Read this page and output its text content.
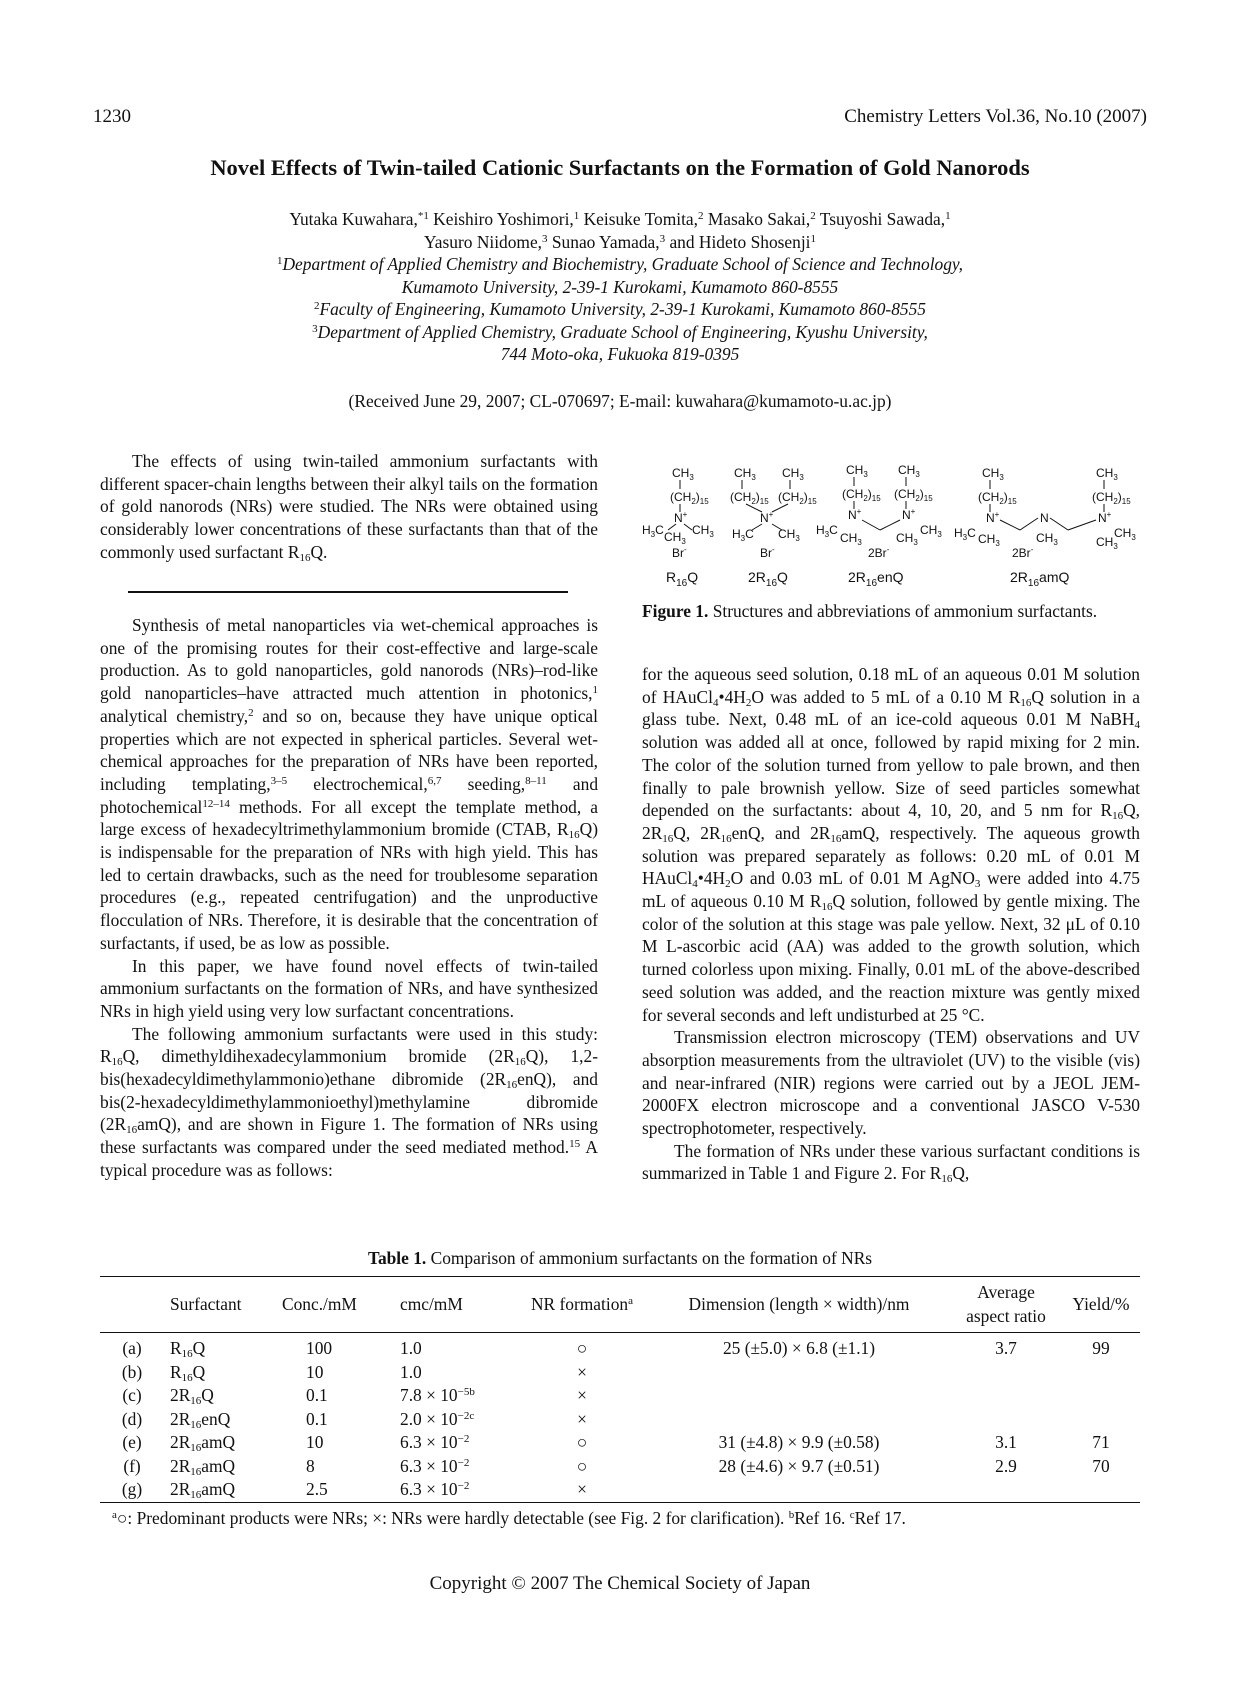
1230	Chemistry Letters Vol.36, No.10 (2007)
Novel Effects of Twin-tailed Cationic Surfactants on the Formation of Gold Nanorods
Yutaka Kuwahara,$^{*1}$ Keishiro Yoshimori,$^1$ Keisuke Tomita,$^2$ Masako Sakai,$^2$ Tsuyoshi Sawada,$^1$
Yasuro Niidome,$^3$ Sunao Yamada,$^3$ and Hideto Shosenji$^1$
$^1$Department of Applied Chemistry and Biochemistry, Graduate School of Science and Technology,
Kumamoto University, 2-39-1 Kurokami, Kumamoto 860-8555
$^2$Faculty of Engineering, Kumamoto University, 2-39-1 Kurokami, Kumamoto 860-8555
$^3$Department of Applied Chemistry, Graduate School of Engineering, Kyushu University,
744 Moto-oka, Fukuoka 819-0395
(Received June 29, 2007; CL-070697; E-mail: kuwahara@kumamoto-u.ac.jp)

The effects of using twin-tailed ammonium surfactants with different spacer-chain lengths between their alkyl tails on the formation of gold nanorods (NRs) were studied. The NRs were obtained using considerably lower concentrations of these surfactants than that of the commonly used surfactant $R_{16}Q$.

Synthesis of metal nanoparticles via wet-chemical approaches is one of the promising routes for their cost-effective and large-scale production. As to gold nanoparticles, gold nanorods (NRs)–rod-like gold nanoparticles–have attracted much attention in photonics,$^1$ analytical chemistry,$^2$ and so on, because they have unique optical properties which are not expected in spherical particles. Several wet-chemical approaches for the preparation of NRs have been reported, including templating,$^{3-5}$ electrochemical,$^{6,7}$ seeding,$^{8-11}$ and photochemical$^{12-14}$ methods. For all except the template method, a large excess of hexadecyltrimethylammonium bromide (CTAB, $R_{16}Q$) is indispensable for the preparation of NRs with high yield. This has led to certain drawbacks, such as the need for troublesome separation procedures (e.g., repeated centrifugation) and the unproductive flocculation of NRs. Therefore, it is desirable that the concentration of surfactants, if used, be as low as possible.

In this paper, we have found novel effects of twin-tailed ammonium surfactants on the formation of NRs, and have synthesized NRs in high yield using very low surfactant concentrations.

The following ammonium surfactants were used in this study: $R_{16}Q$, dimethyldihexadecylammonium bromide $(2R_{16}Q)$, 1,2-bis(hexadecyldimethylammonio)ethane dibromide $(2R_{16}enQ)$, and bis(2-hexadecyldimethylammonioethyl)methylamine dibromide $(2R_{16}amQ)$, and are shown in Figure 1. The formation of NRs using these surfactants was compared under the seed mediated method.$^{15}$ A typical procedure was as follows:

$CH_3$
$(CH_2)_{15}$
N+
$H_3C$ $CH_3$
$CH_3$
Br-
$CH_3$ $CH_3$
$(CH_2)_{15}$ $(CH_2)_{15}$
N+
$H_3C$ $CH_3$
Br-
$CH_3$	$CH_3$
$(CH_2)_{15}$ $(CH_2)_{15}$
N+	N+
$H_3C$
$CH_3$
$CH_3$
$CH_3$
2Br-
$CH_3$	$CH_3$
$(CH_2)_{15}$	$(CH_2)_{15}$
N+	N	N+
$H_3C$ $CH_3$	$CH_3$
$CH_3$
$CH_3$
2Br-
$R_{16}Q$	$2R_{16}Q$	$2R_{16}enQ$	$2R_{16}amQ$
Figure 1. Structures and abbreviations of ammonium surfactants.

for the aqueous seed solution, 0.18 mL of an aqueous 0.01 M solution of $HAuCl_4•4H_2O$ was added to 5 mL of a 0.10 M $R_{16}Q$ solution in a glass tube. Next, 0.48 mL of an ice-cold aqueous 0.01 M NaBH$_4$ solution was added all at once, followed by rapid mixing for 2 min. The color of the solution turned from yellow to pale brown, and then finally to pale brownish yellow. Size of seed particles somewhat depended on the surfactants: about 4, 10, 20, and 5 nm for $R_{16}Q$, $2R_{16}Q$, $2R_{16}enQ$, and $2R_{16}amQ$, respectively. The aqueous growth solution was prepared separately as follows: 0.20 mL of 0.01 M $HAuCl_4•4H_2O$ and 0.03 mL of 0.01 M AgNO$_3$ were added into 4.75 mL of aqueous 0.10 M $R_{16}Q$ solution, followed by gentle mixing. The color of the solution at this stage was pale yellow. Next, 32 μL of 0.10 M L-ascorbic acid (AA) was added to the growth solution, which turned colorless upon mixing. Finally, 0.01 mL of the above-described seed solution was added, and the reaction mixture was gently mixed for several seconds and left undisturbed at 25 °C.

Transmission electron microscopy (TEM) observations and UV absorption measurements from the ultraviolet (UV) to the visible (vis) and near-infrared (NIR) regions were carried out by a JEOL JEM-2000FX electron microscope and a conventional JASCO V-530 spectrophotometer, respectively.

The formation of NRs under these various surfactant conditions is summarized in Table 1 and Figure 2. For $R_{16}Q$,

Table 1. Comparison of ammonium surfactants on the formation of NRs
	Surfactant	Conc./mM	cmc/mM	NR formation$^a$	Dimension (length × width)/nm	Average
aspect ratio	Yield/%
(a)	$R_{16}Q$	100	1.0	○	25 (±5.0) × 6.8 (±1.1)	3.7	99
(b)	$R_{16}Q$	10	1.0	×			
(c)	$2R_{16}Q$	0.1	$7.8 \times 10^{-5b}$	×			
(d)	$2R_{16}enQ$	0.1	$2.0 \times 10^{-2c}$	×			
(e)	$2R_{16}amQ$	10	$6.3 \times 10^{-2}$	○	31 (±4.8) × 9.9 (±0.58)	3.1	71
(f)	$2R_{16}amQ$	8	$6.3 \times 10^{-2}$	○	28 (±4.6) × 9.7 (±0.51)	2.9	70
(g)	$2R_{16}amQ$	2.5	$6.3 \times 10^{-2}$	×			

$^a$○: Predominant products were NRs; ×: NRs were hardly detectable (see Fig. 2 for clarification). $^b$Ref 16. $^c$Ref 17.
Copyright © 2007 The Chemical Society of Japan
